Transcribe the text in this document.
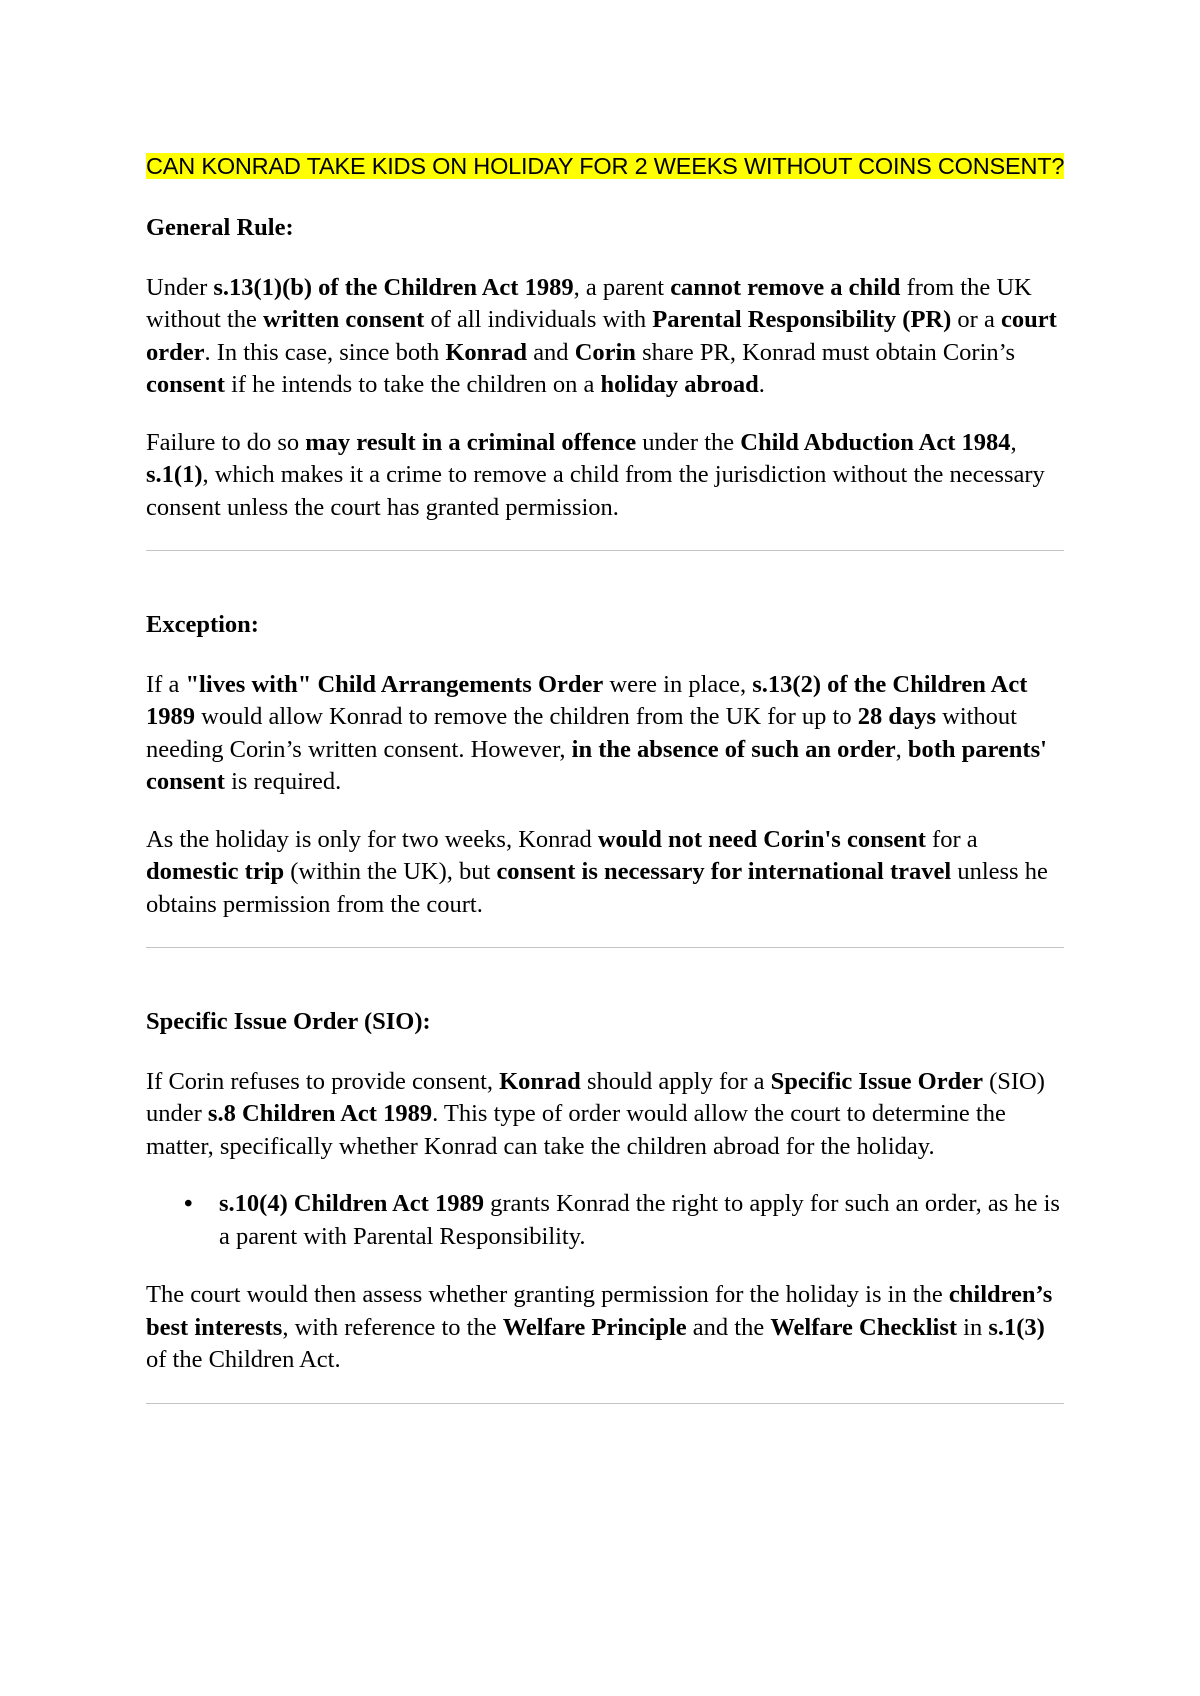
CAN KONRAD TAKE KIDS ON HOLIDAY FOR 2 WEEKS WITHOUT COINS CONSENT?
General Rule:
Under s.13(1)(b) of the Children Act 1989, a parent cannot remove a child from the UK without the written consent of all individuals with Parental Responsibility (PR) or a court order. In this case, since both Konrad and Corin share PR, Konrad must obtain Corin’s consent if he intends to take the children on a holiday abroad.
Failure to do so may result in a criminal offence under the Child Abduction Act 1984, s.1(1), which makes it a crime to remove a child from the jurisdiction without the necessary consent unless the court has granted permission.
Exception:
If a "lives with" Child Arrangements Order were in place, s.13(2) of the Children Act 1989 would allow Konrad to remove the children from the UK for up to 28 days without needing Corin’s written consent. However, in the absence of such an order, both parents' consent is required.
As the holiday is only for two weeks, Konrad would not need Corin's consent for a domestic trip (within the UK), but consent is necessary for international travel unless he obtains permission from the court.
Specific Issue Order (SIO):
If Corin refuses to provide consent, Konrad should apply for a Specific Issue Order (SIO) under s.8 Children Act 1989. This type of order would allow the court to determine the matter, specifically whether Konrad can take the children abroad for the holiday.
• s.10(4) Children Act 1989 grants Konrad the right to apply for such an order, as he is a parent with Parental Responsibility.
The court would then assess whether granting permission for the holiday is in the children’s best interests, with reference to the Welfare Principle and the Welfare Checklist in s.1(3) of the Children Act.
